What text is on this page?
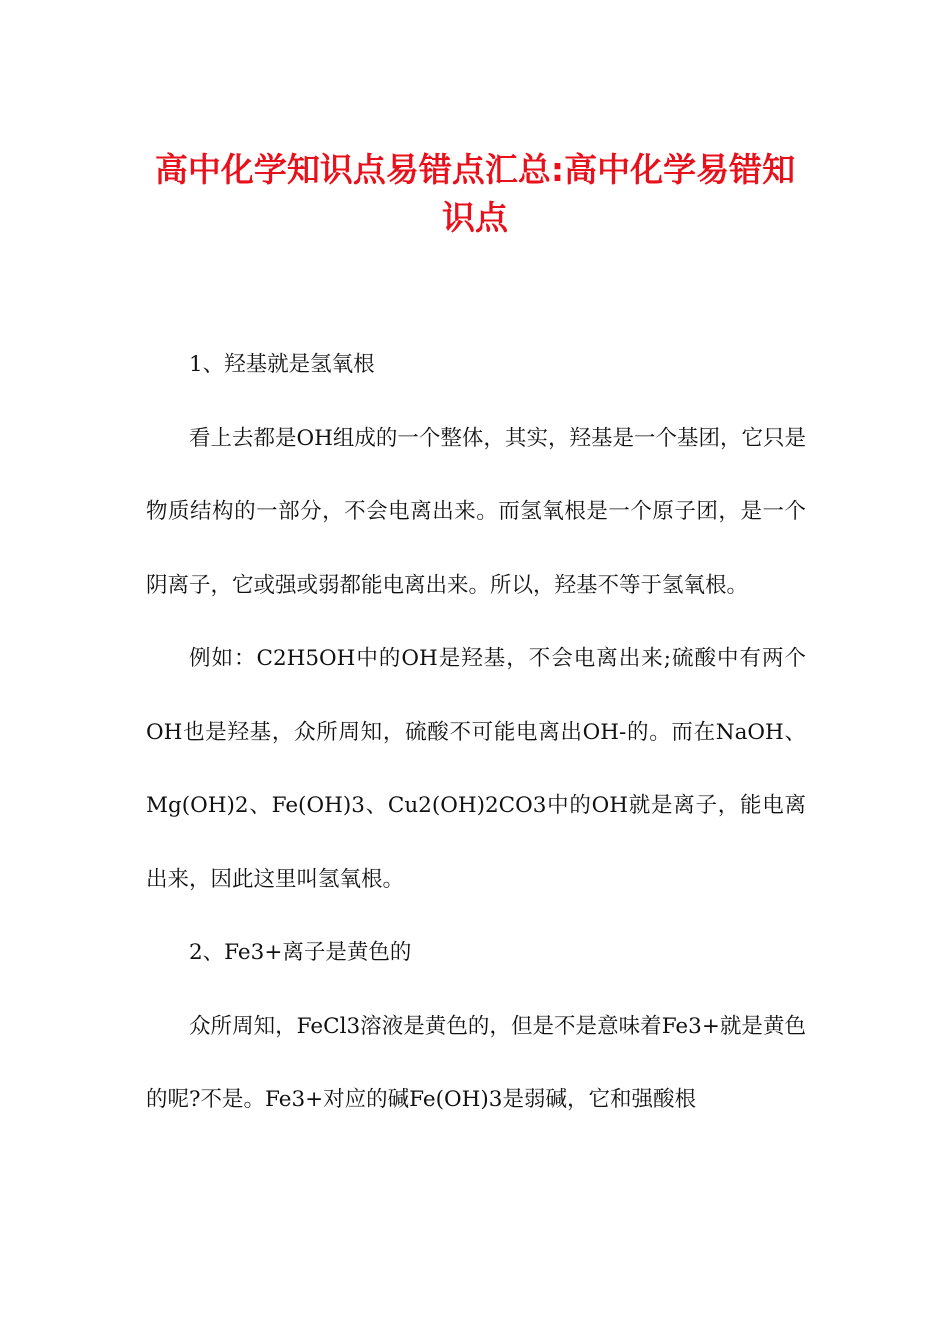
高中化学知识点易错点汇总:高中化学易错知识点

1、羟基就是氢氧根

看上去都是OH组成的一个整体，其实，羟基是一个基团，它只是物质结构的一部分，不会电离出来。而氢氧根是一个原子团，是一个阴离子，它或强或弱都能电离出来。所以，羟基不等于氢氧根。

例如：C2H5OH中的OH是羟基，不会电离出来;硫酸中有两个OH也是羟基，众所周知，硫酸不可能电离出OH-的。而在NaOH、Mg(OH)2、Fe(OH)3、Cu2(OH)2CO3中的OH就是离子，能电离出来，因此这里叫氢氧根。

2、Fe3+离子是黄色的

众所周知，FeCl3溶液是黄色的，但是不是意味着Fe3+就是黄色的呢?不是。Fe3+对应的碱Fe(OH)3是弱碱，它和强酸根
